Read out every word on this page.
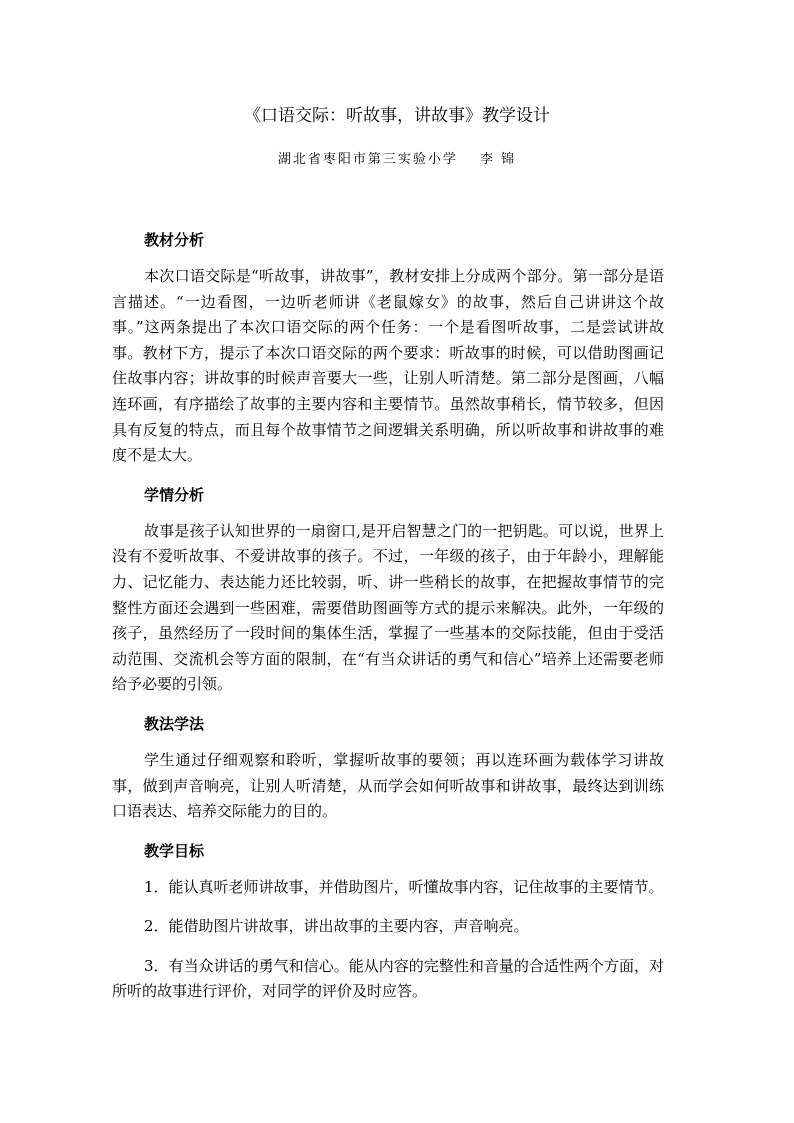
《口语交际：听故事，讲故事》教学设计
湖北省枣阳市第三实验小学 李 锦
教材分析

本次口语交际是“听故事，讲故事”，教材安排上分成两个部分。第一部分是语言描述。“一边看图，一边听老师讲《老鼠嫁女》的故事，然后自己讲讲这个故事。”这两条提出了本次口语交际的两个任务：一个是看图听故事，二是尝试讲故事。教材下方，提示了本次口语交际的两个要求：听故事的时候，可以借助图画记住故事内容；讲故事的时候声音要大一些，让别人听清楚。第二部分是图画，八幅连环画，有序描绘了故事的主要内容和主要情节。虽然故事稍长，情节较多，但因具有反复的特点，而且每个故事情节之间逻辑关系明确，所以听故事和讲故事的难度不是太大。

学情分析

故事是孩子认知世界的一扇窗口,是开启智慧之门的一把钥匙。可以说，世界上没有不爱听故事、不爱讲故事的孩子。不过，一年级的孩子，由于年龄小，理解能力、记忆能力、表达能力还比较弱，听、讲一些稍长的故事，在把握故事情节的完整性方面还会遇到一些困难，需要借助图画等方式的提示来解决。此外，一年级的孩子，虽然经历了一段时间的集体生活，掌握了一些基本的交际技能，但由于受活动范围、交流机会等方面的限制，在“有当众讲话的勇气和信心”培养上还需要老师给予必要的引领。

教法学法

学生通过仔细观察和聆听，掌握听故事的要领；再以连环画为载体学习讲故事，做到声音响亮，让别人听清楚，从而学会如何听故事和讲故事，最终达到训练口语表达、培养交际能力的目的。

教学目标

1．能认真听老师讲故事，并借助图片，听懂故事内容，记住故事的主要情节。

2．能借助图片讲故事，讲出故事的主要内容，声音响亮。

3．有当众讲话的勇气和信心。能从内容的完整性和音量的合适性两个方面，对所听的故事进行评价，对同学的评价及时应答。
